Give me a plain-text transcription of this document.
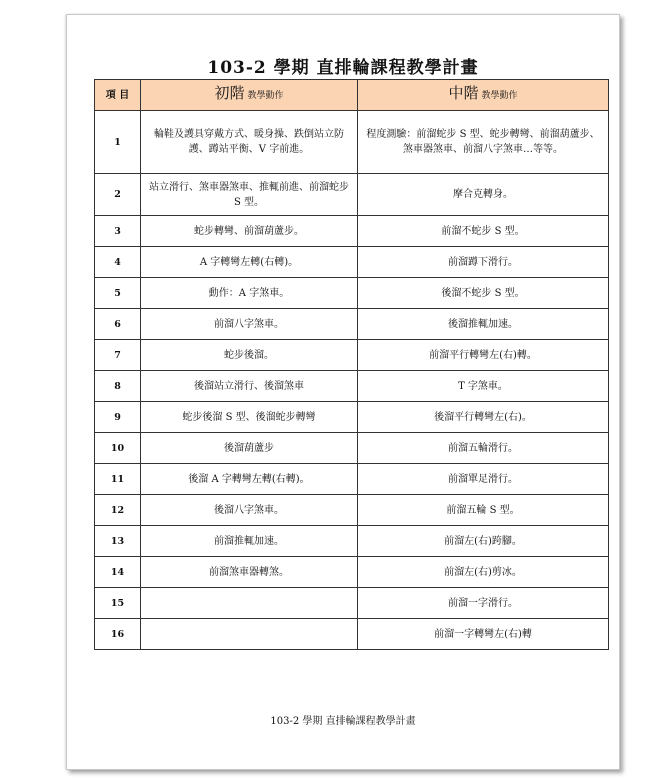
103-2 學期 直排輪課程教學計畫
項 目	初階 教學動作	中階 教學動作
1	輪鞋及護具穿戴方式、暖身操、跌倒站立防護、蹲站平衡、V 字前進。	程度測驗：前溜蛇步 S 型、蛇步轉彎、前溜葫蘆步、煞車器煞車、前溜八字煞車…等等。
2	站立滑行、煞車器煞車、推輒前進、前溜蛇步 S 型。	摩合克轉身。
3	蛇步轉彎、前溜葫蘆步。	前溜不蛇步 S 型。
4	A 字轉彎左轉(右轉)。	前溜蹲下滑行。
5	動作：A 字煞車。	後溜不蛇步 S 型。
6	前溜八字煞車。	後溜推輒加速。
7	蛇步後溜。	前溜平行轉彎左(右)轉。
8	後溜站立滑行、後溜煞車	T 字煞車。
9	蛇步後溜 S 型、後溜蛇步轉彎	後溜平行轉彎左(右)。
10	後溜葫蘆步	前溜五輪滑行。
11	後溜 A 字轉彎左轉(右轉)。	前溜單足滑行。
12	後溜八字煞車。	前溜五輪 S 型。
13	前溜推輒加速。	前溜左(右)跨腳。
14	前溜煞車器轉煞。	前溜左(右)剪冰。
15		前溜一字滑行。
16		前溜一字轉彎左(右)轉
103-2 學期 直排輪課程教學計畫
